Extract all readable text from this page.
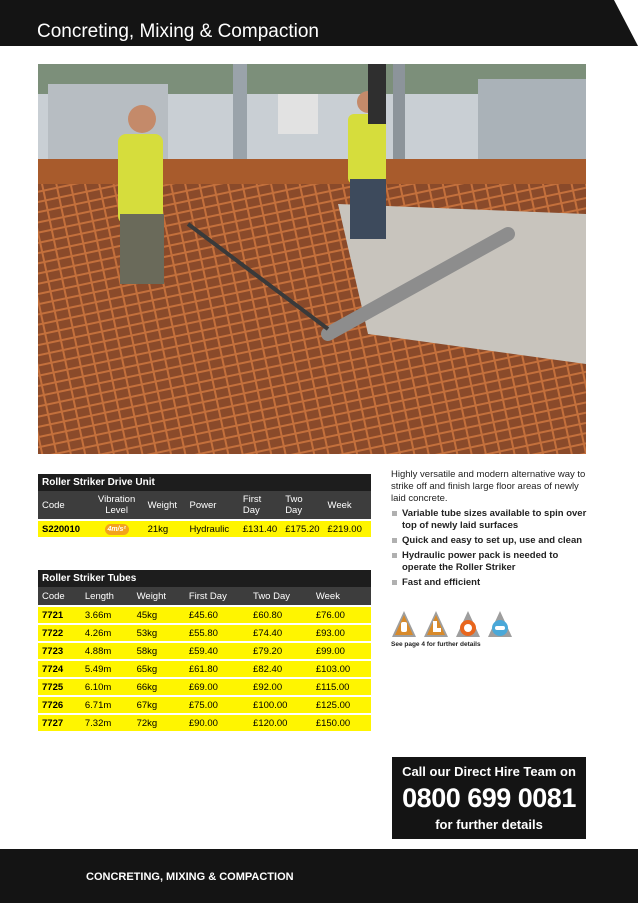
Concreting, Mixing & Compaction
Roller Striker Drive Unit						
Code	Vibration Level	Weight	Power	First Day	Two Day	Week
S220010	4m/s²	21kg	Hydraulic	£131.40	£175.20	£219.00
Roller Striker Tubes					
Code	Length	Weight	First Day	Two Day	Week
7721	3.66m	45kg	£45.60	£60.80	£76.00
7722	4.26m	53kg	£55.80	£74.40	£93.00
7723	4.88m	58kg	£59.40	£79.20	£99.00
7724	5.49m	65kg	£61.80	£82.40	£103.00
7725	6.10m	66kg	£69.00	£92.00	£115.00
7726	6.71m	67kg	£75.00	£100.00	£125.00
7727	7.32m	72kg	£90.00	£120.00	£150.00
Highly versatile and modern alternative way to strike off and finish large floor areas of newly laid concrete.
Variable tube sizes available to spin over top of newly laid surfaces
Quick and easy to set up, use and clean
Hydraulic power pack is needed to operate the Roller Striker
Fast and efficient
See page 4 for further details
Call our Direct Hire Team on
0800 699 0081
for further details
CONCRETING, MIXING & COMPACTION
